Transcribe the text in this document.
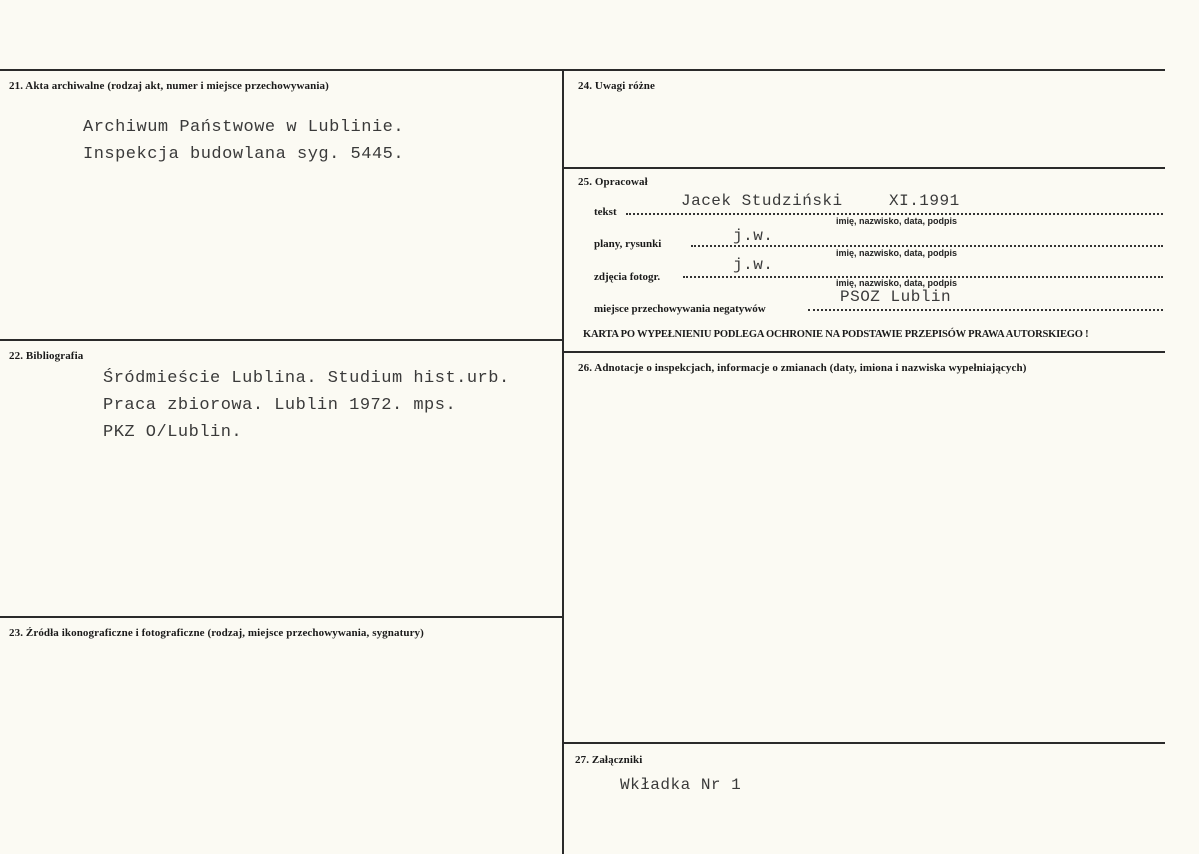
21. Akta archiwalne (rodzaj akt, numer i miejsce przechowywania)
Archiwum Państwowe w Lublinie.
Inspekcja budowlana syg. 5445.
22. Bibliografia
Śródmieście Lublina. Studium hist.urb.
Praca zbiorowa. Lublin 1972. mps.
PKZ O/Lublin.
23. Źródła ikonograficzne i fotograficzne (rodzaj, miejsce przechowywania, sygnatury)
24. Uwagi różne
25. Opracował
tekst
Jacek Studziński	XI.1991
imię, nazwisko, data, podpis
plany, rysunki	j.w.
imię, nazwisko, data, podpis
zdjęcia fotogr.
j.w.
imię, nazwisko, data, podpis
miejsce przechowywania negatywów
PSOZ Lublin
KARTA PO WYPEŁNIENIU PODLEGA OCHRONIE NA PODSTAWIE PRZEPISÓW PRAWA AUTORSKIEGO !
26. Adnotacje o inspekcjach, informacje o zmianach (daty, imiona i nazwiska wypełniających)
27. Załączniki
Wkładka Nr 1
